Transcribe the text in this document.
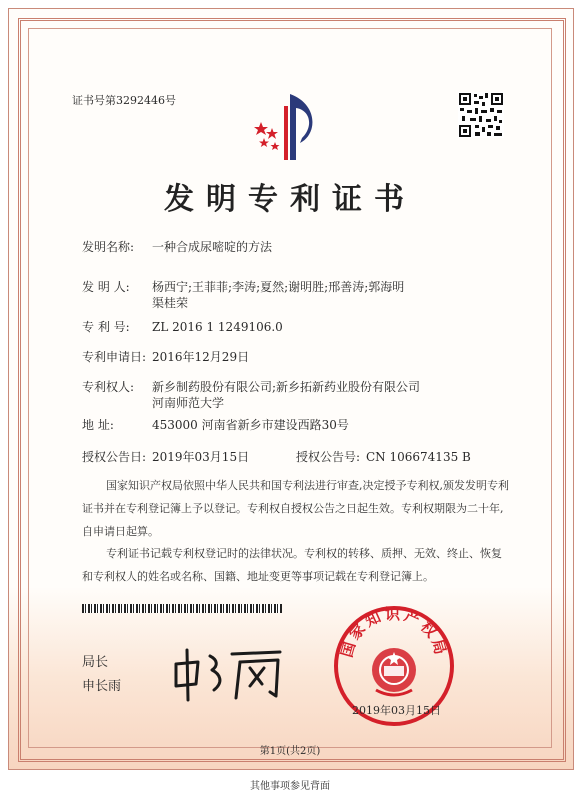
证书号第3292446号
发明专利证书
发明名称: 一种合成尿嘧啶的方法
发 明 人: 杨西宁;王菲菲;李涛;夏然;谢明胜;邢善涛;郭海明
渠桂荣
专 利 号: ZL 2016 1 1249106.0
专利申请日: 2016年12月29日
专利权人: 新乡制药股份有限公司;新乡拓新药业股份有限公司
河南师范大学
地 址:	453000 河南省新乡市建设西路30号
授权公告日: 2019年03月15日	授权公告号: CN 106674135 B
国家知识产权局依照中华人民共和国专利法进行审查,决定授予专利权,颁发发明专利证书并在专利登记簿上予以登记。专利权自授权公告之日起生效。专利权期限为二十年,自申请日起算。
专利证书记载专利权登记时的法律状况。专利权的转移、质押、无效、终止、恢复和专利权人的姓名或名称、国籍、地址变更等事项记载在专利登记簿上。
局长
申长雨
国家知识产权局
2019年03月15日
第1页(共2页)
其他事项参见背面
